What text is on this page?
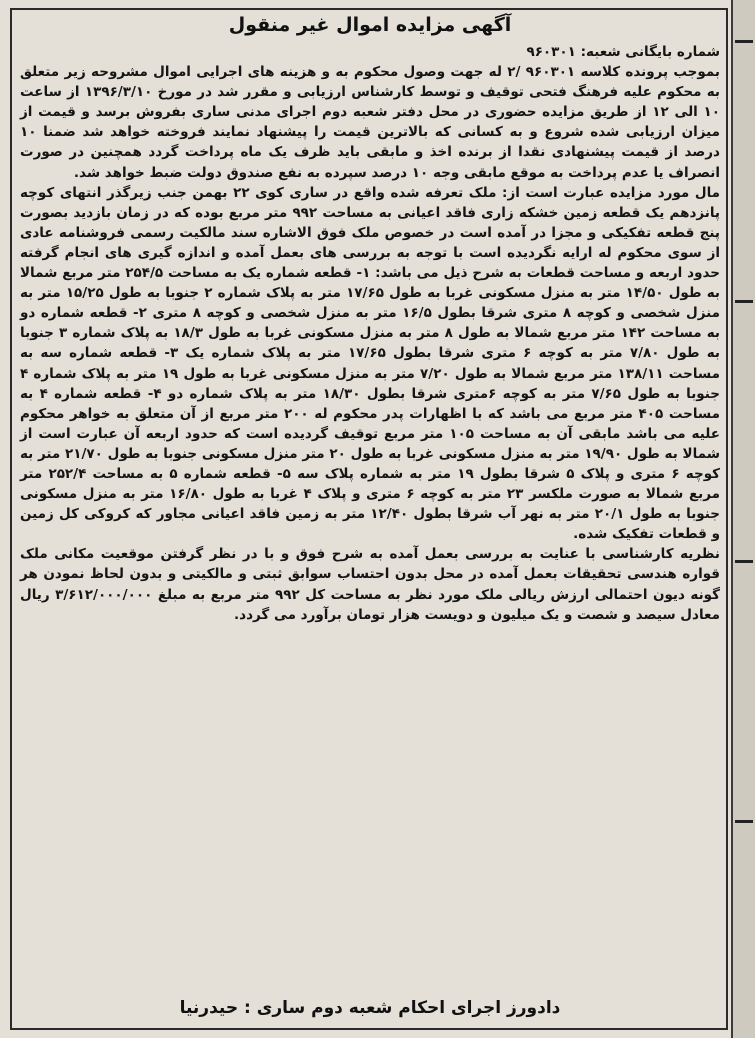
آگهی مزایده اموال غیر منقول

شماره بایگانی شعبه: ۹۶۰۳۰۱

بموجب پرونده کلاسه ۹۶۰۳۰۱ /۲ له جهت وصول محکوم به و هزینه های اجرایی اموال مشروحه زیر متعلق به محکوم علیه فرهنگ فتحی توقیف و توسط کارشناس ارزیابی و مقرر شد در مورخ ۱۳۹۶/۳/۱۰ از ساعت ۱۰ الی ۱۲ از طریق مزایده حضوری در محل دفتر شعبه دوم اجرای مدنی ساری بفروش برسد و قیمت از میزان ارزیابی شده شروع و به کسانی که بالاترین قیمت را پیشنهاد نمایند فروخته خواهد شد ضمنا ۱۰ درصد از قیمت پیشنهادی نقدا از برنده اخذ و مابقی باید ظرف یک ماه پرداخت گردد همچنین در صورت انصراف یا عدم پرداخت به موقع مابقی وجه ۱۰ درصد سپرده به نفع صندوق دولت ضبط خواهد شد.

مال مورد مزایده عبارت است از: ملک تعرفه شده واقع در ساری کوی ۲۲ بهمن جنب زیرگذر انتهای کوچه پانزدهم یک قطعه زمین خشکه زاری فاقد اعیانی به مساحت ۹۹۲ متر مربع بوده که در زمان بازدید بصورت پنج قطعه تفکیکی و مجزا در آمده است در خصوص ملک فوق الاشاره سند مالکیت رسمی فروشنامه عادی از سوی محکوم له ارایه نگردیده است با توجه به بررسی های بعمل آمده و اندازه گیری های انجام گرفته حدود اربعه و مساحت قطعات به شرح ذیل می باشد: ۱- قطعه شماره یک به مساحت ۲۵۴/۵ متر مربع شمالا به طول ۱۴/۵۰ متر به منزل مسکونی غربا به طول ۱۷/۶۵ متر به پلاک شماره ۲ جنوبا به طول ۱۵/۲۵ متر به منزل شخصی و کوچه ۸ متری شرقا بطول ۱۶/۵ متر به منزل شخصی و کوچه ۸ متری ۲- قطعه شماره دو به مساحت ۱۴۲ متر مربع شمالا به طول ۸ متر به منزل مسکونی غربا به طول ۱۸/۳ به پلاک شماره ۳ جنوبا به طول ۷/۸۰ متر به کوچه ۶ متری شرقا بطول ۱۷/۶۵ متر به پلاک شماره یک ۳- قطعه شماره سه به مساحت ۱۳۸/۱۱ متر مربع شمالا به طول ۷/۲۰ متر به منزل مسکونی غربا به طول ۱۹ متر به پلاک شماره ۴ جنوبا به طول ۷/۶۵ متر به کوچه ۶متری شرقا بطول ۱۸/۳۰ متر به پلاک شماره دو ۴- قطعه شماره ۴ به مساحت ۴۰۵ متر مربع می باشد که با اظهارات پدر محکوم له ۲۰۰ متر مربع از آن متعلق به خواهر محکوم علیه می باشد مابقی آن به مساحت ۱۰۵ متر مربع توقیف گردیده است که حدود اربعه آن عبارت است از شمالا به طول ۱۹/۹۰ متر به منزل مسکونی غربا به طول ۲۰ متر منزل مسکونی جنوبا به طول ۲۱/۷۰ متر به کوچه ۶ متری و پلاک ۵ شرقا بطول ۱۹ متر به شماره پلاک سه ۵- قطعه شماره ۵ به مساحت ۲۵۲/۴ متر مربع شمالا به صورت ملکسر ۲۳ متر به کوچه ۶ متری و پلاک ۴ غربا به طول ۱۶/۸۰ متر به منزل مسکونی جنوبا به طول ۲۰/۱ متر به نهر آب شرقا بطول ۱۲/۴۰ متر به زمین فاقد اعیانی مجاور که کروکی کل زمین و قطعات تفکیک شده.

نظریه کارشناسی با عنایت به بررسی بعمل آمده به شرح فوق و با در نظر گرفتن موقعیت مکانی ملک قواره هندسی تحقیقات بعمل آمده در محل بدون احتساب سوابق ثبتی و مالکیتی و بدون لحاظ نمودن هر گونه دیون احتمالی ارزش ریالی ملک مورد نظر به مساحت کل ۹۹۲ متر مربع به مبلغ ۳/۶۱۲/۰۰۰/۰۰۰ ریال معادل سیصد و شصت و یک میلیون و دویست هزار تومان برآورد می گردد.

دادورز اجرای احکام شعبه دوم ساری : حیدرنیا
